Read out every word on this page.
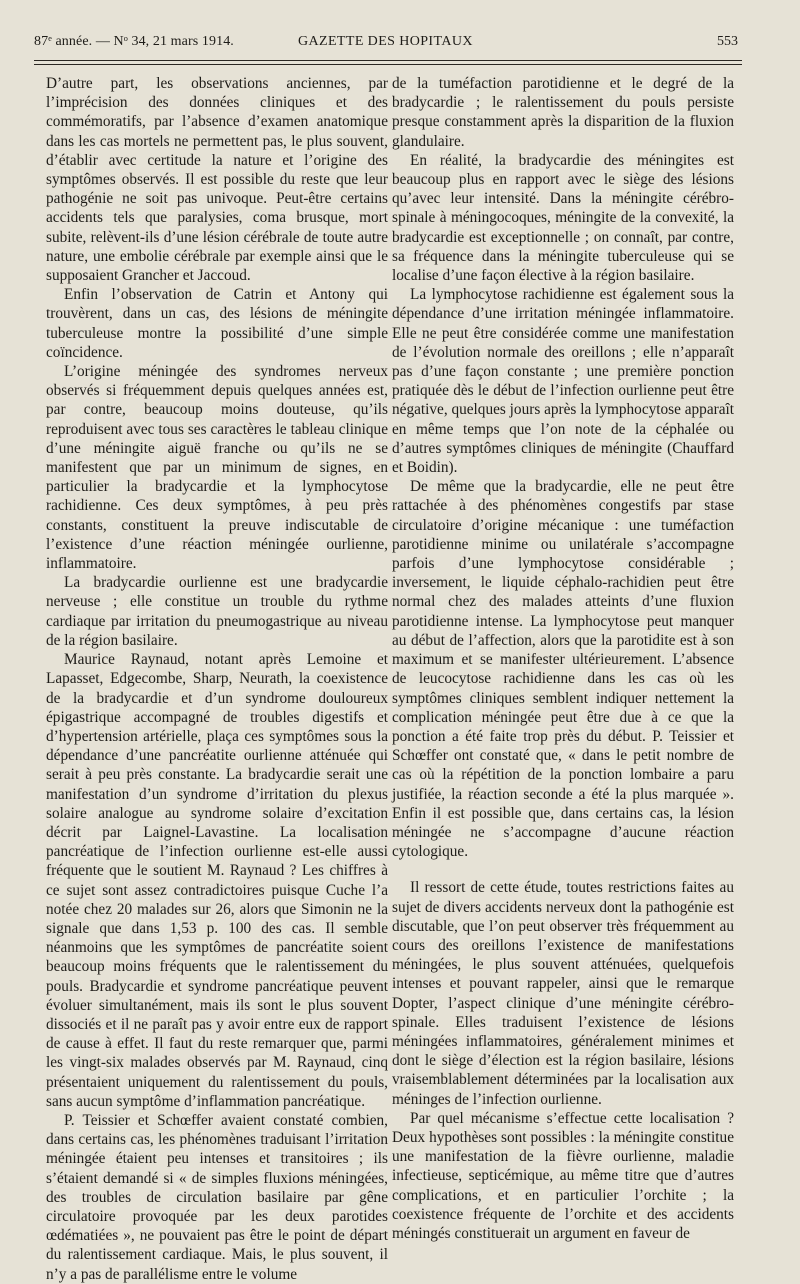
87ᵉ année. — Nᵒ 34, 21 mars 1914.	GAZETTE DES HOPITAUX	553

D’autre part, les observations anciennes, par l’imprécision des données cliniques et des commémoratifs, par l’absence d’examen anatomique dans les cas mortels ne permettent pas, le plus souvent, d’établir avec certitude la nature et l’origine des symptômes observés. Il est possible du reste que leur pathogénie ne soit pas univoque. Peut-être certains accidents tels que paralysies, coma brusque, mort subite, relèvent-ils d’une lésion cérébrale de toute autre nature, une embolie cérébrale par exemple ainsi que le supposaient Grancher et Jaccoud.

Enfin l’observation de Catrin et Antony qui trouvèrent, dans un cas, des lésions de méningite tuberculeuse montre la possibilité d’une simple coïncidence.

L’origine méningée des syndromes nerveux observés si fréquemment depuis quelques années est, par contre, beaucoup moins douteuse, qu’ils reproduisent avec tous ses caractères le tableau clinique d’une méningite aiguë franche ou qu’ils ne se manifestent que par un minimum de signes, en particulier la bradycardie et la lymphocytose rachidienne. Ces deux symptômes, à peu près constants, constituent la preuve indiscutable de l’existence d’une réaction méningée ourlienne, inflammatoire.

La bradycardie ourlienne est une bradycardie nerveuse ; elle constitue un trouble du rythme cardiaque par irritation du pneumogastrique au niveau de la région basilaire.

Maurice Raynaud, notant après Lemoine et Lapasset, Edgecombe, Sharp, Neurath, la coexistence de la bradycardie et d’un syndrome douloureux épigastrique accompagné de troubles digestifs et d’hypertension artérielle, plaça ces symptômes sous la dépendance d’une pancréatite ourlienne atténuée qui serait à peu près constante. La bradycardie serait une manifestation d’un syndrome d’irritation du plexus solaire analogue au syndrome solaire d’excitation décrit par Laignel-Lavastine. La localisation pancréatique de l’infection ourlienne est-elle aussi fréquente que le soutient M. Raynaud ? Les chiffres à ce sujet sont assez contradictoires puisque Cuche l’a notée chez 20 malades sur 26, alors que Simonin ne la signale que dans 1,53 p. 100 des cas. Il semble néanmoins que les symptômes de pancréatite soient beaucoup moins fréquents que le ralentissement du pouls. Bradycardie et syndrome pancréatique peuvent évoluer simultanément, mais ils sont le plus souvent dissociés et il ne paraît pas y avoir entre eux de rapport de cause à effet. Il faut du reste remarquer que, parmi les vingt-six malades observés par M. Raynaud, cinq présentaient uniquement du ralentissement du pouls, sans aucun symptôme d’inflammation pancréatique.

P. Teissier et Schœffer avaient constaté combien, dans certains cas, les phénomènes traduisant l’irritation méningée étaient peu intenses et transitoires ; ils s’étaient demandé si « de simples fluxions méningées, des troubles de circulation basilaire par gêne circulatoire provoquée par les deux parotides œdématiées », ne pouvaient pas être le point de départ du ralentissement cardiaque. Mais, le plus souvent, il n’y a pas de parallélisme entre le volume

de la tuméfaction parotidienne et le degré de la bradycardie ; le ralentissement du pouls persiste presque constamment après la disparition de la fluxion glandulaire.

En réalité, la bradycardie des méningites est beaucoup plus en rapport avec le siège des lésions qu’avec leur intensité. Dans la méningite cérébro-spinale à méningocoques, méningite de la convexité, la bradycardie est exceptionnelle ; on connaît, par contre, sa fréquence dans la méningite tuberculeuse qui se localise d’une façon élective à la région basilaire.

La lymphocytose rachidienne est également sous la dépendance d’une irritation méningée inflammatoire. Elle ne peut être considérée comme une manifestation de l’évolution normale des oreillons ; elle n’apparaît pas d’une façon constante ; une première ponction pratiquée dès le début de l’infection ourlienne peut être négative, quelques jours après la lymphocytose apparaît en même temps que l’on note de la céphalée ou d’autres symptômes cliniques de méningite (Chauffard et Boidin).

De même que la bradycardie, elle ne peut être rattachée à des phénomènes congestifs par stase circulatoire d’origine mécanique : une tuméfaction parotidienne minime ou unilatérale s’accompagne parfois d’une lymphocytose considérable ; inversement, le liquide céphalo-rachidien peut être normal chez des malades atteints d’une fluxion parotidienne intense. La lymphocytose peut manquer au début de l’affection, alors que la parotidite est à son maximum et se manifester ultérieurement. L’absence de leucocytose rachidienne dans les cas où les symptômes cliniques semblent indiquer nettement la complication méningée peut être due à ce que la ponction a été faite trop près du début. P. Teissier et Schœffer ont constaté que, « dans le petit nombre de cas où la répétition de la ponction lombaire a paru justifiée, la réaction seconde a été la plus marquée ». Enfin il est possible que, dans certains cas, la lésion méningée ne s’accompagne d’aucune réaction cytologique.

Il ressort de cette étude, toutes restrictions faites au sujet de divers accidents nerveux dont la pathogénie est discutable, que l’on peut observer très fréquemment au cours des oreillons l’existence de manifestations méningées, le plus souvent atténuées, quelquefois intenses et pouvant rappeler, ainsi que le remarque Dopter, l’aspect clinique d’une méningite cérébro-spinale. Elles traduisent l’existence de lésions méningées inflammatoires, généralement minimes et dont le siège d’élection est la région basilaire, lésions vraisemblablement déterminées par la localisation aux méninges de l’infection ourlienne.

Par quel mécanisme s’effectue cette localisation ? Deux hypothèses sont possibles : la méningite constitue une manifestation de la fièvre ourlienne, maladie infectieuse, septicémique, au même titre que d’autres complications, et en particulier l’orchite ; la coexistence fréquente de l’orchite et des accidents méningés constituerait un argument en faveur de
